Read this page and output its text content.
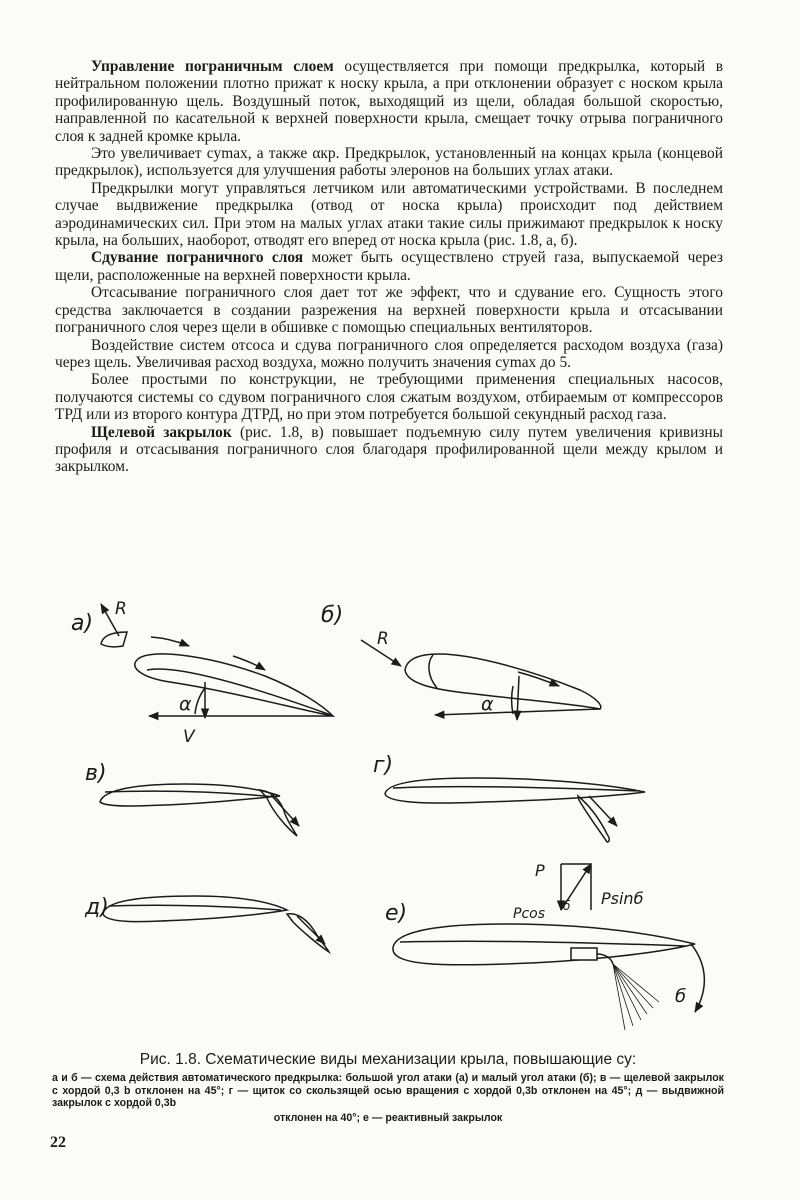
Управление пограничным слоем осуществляется при помощи предкрылка, который в нейтральном положении плотно прижат к носку крыла, а при отклонении образует с носком крыла профилированную щель. Воздушный поток, выходящий из щели, обладая большой скоростью, направленной по касательной к верхней поверхности крыла, смещает точку отрыва пограничного слоя к задней кромке крыла.

Это увеличивает cymax, а также αкр. Предкрылок, установленный на концах крыла (концевой предкрылок), используется для улучшения работы элеронов на больших углах атаки.

Предкрылки могут управляться летчиком или автоматическими устройствами. В последнем случае выдвижение предкрылка (отвод от носка крыла) происходит под действием аэродинамических сил. При этом на малых углах атаки такие силы прижимают предкрылок к носку крыла, на больших, наоборот, отводят его вперед от носка крыла (рис. 1.8, а, б).

Сдувание пограничного слоя может быть осуществлено струей газа, выпускаемой через щели, расположенные на верхней поверхности крыла.

Отсасывание пограничного слоя дает тот же эффект, что и сдувание его. Сущность этого средства заключается в создании разрежения на верхней поверхности крыла и отсасывании пограничного слоя через щели в обшивке с помощью специальных вентиляторов.

Воздействие систем отсоса и сдува пограничного слоя определяется расходом воздуха (газа) через щель. Увеличивая расход воздуха, можно получить значения cymax до 5.

Более простыми по конструкции, не требующими применения специальных насосов, получаются системы со сдувом пограничного слоя сжатым воздухом, отбираемым от компрессоров ТРД или из второго контура ДТРД, но при этом потребуется большой секундный расход газа.

Щелевой закрылок (рис. 1.8, в) повышает подъемную силу путем увеличения кривизны профиля и отсасывания пограничного слоя благодаря профилированной щели между крылом и закрылком.

а)
R
α
V
б)
R
α
в)	г)
д)	е)
P
Pcos б Psinб
б
Рис. 1.8. Схематические виды механизации крыла, повышающие cy:
а и б — схема действия автоматического предкрылка: большой угол атаки (а) и малый угол атаки (б); в — щелевой закрылок с хордой 0,3 b отклонен на 45°; г — щиток со скользящей осью вращения с хордой 0,3b отклонен на 45°; д — выдвижной закрылок с хордой 0,3b
отклонен на 40°; е — реактивный закрылок
22
